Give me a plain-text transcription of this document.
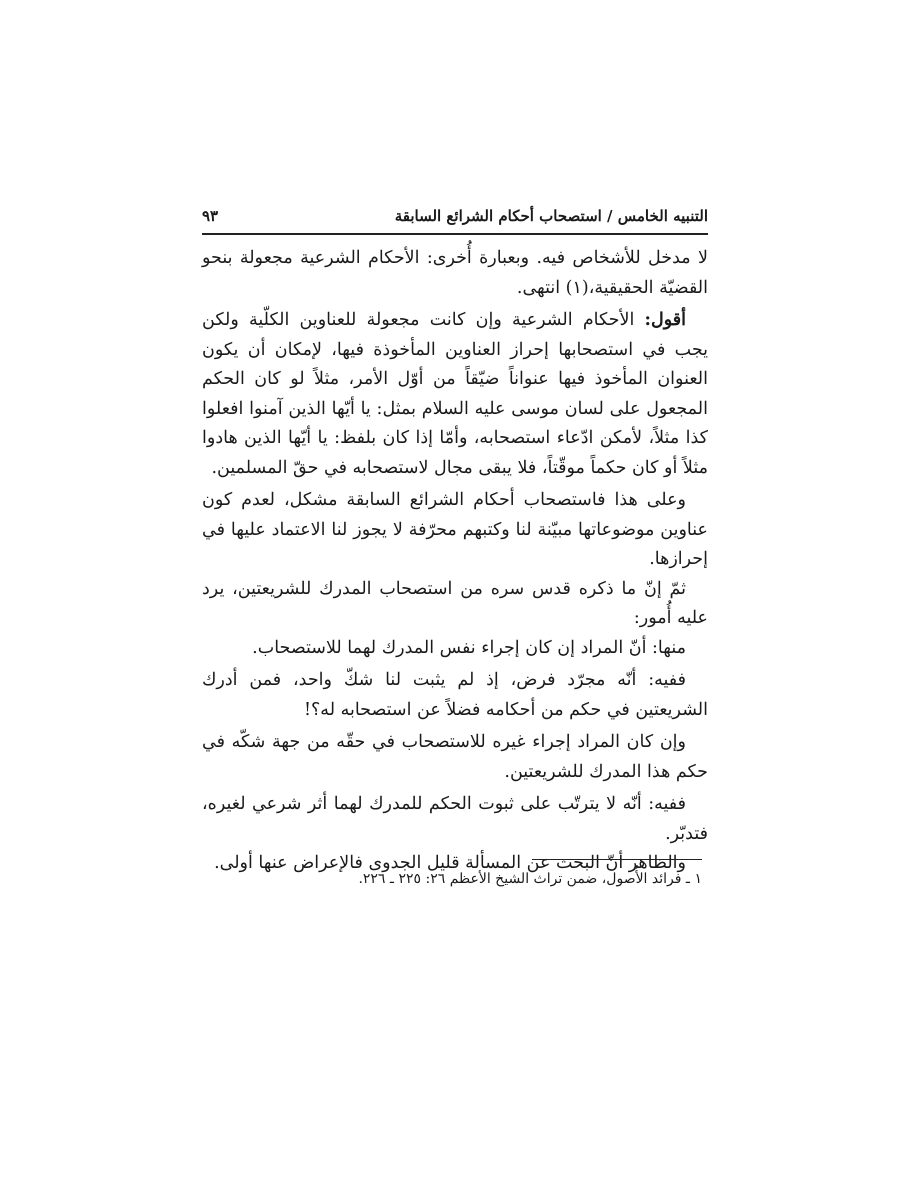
التنبيه الخامس / استصحاب أحكام الشرائع السابقة
٩٣

لا مدخل للأشخاص فيه. وبعبارة أُخرى: الأحكام الشرعية مجعولة بنحو القضيّة الحقيقية،(١) انتهى.

أقول: الأحكام الشرعية وإن كانت مجعولة للعناوين الكلّية ولكن يجب في استصحابها إحراز العناوين المأخوذة فيها، لإمكان أن يكون العنوان المأخوذ فيها عنواناً ضيّقاً من أوّل الأمر، مثلاً لو كان الحكم المجعول على لسان موسى عليه السلام بمثل: يا أيّها الذين آمنوا افعلوا كذا مثلاً، لأمكن ادّعاء استصحابه، وأمّا إذا كان بلفظ: يا أيّها الذين هادوا مثلاً أو كان حكماً موقّتاً، فلا يبقى مجال لاستصحابه في حقّ المسلمين.

وعلى هذا فاستصحاب أحكام الشرائع السابقة مشكل، لعدم كون عناوين موضوعاتها مبيّنة لنا وكتبهم محرّفة لا يجوز لنا الاعتماد عليها في إحرازها.

ثمّ إنّ ما ذكره قدس سره من استصحاب المدرك للشريعتين، يرد عليه أُمور:

منها: أنّ المراد إن كان إجراء نفس المدرك لهما للاستصحاب.

ففيه: أنّه مجرّد فرض، إذ لم يثبت لنا شكّ واحد، فمن أدرك الشريعتين في حكم من أحكامه فضلاً عن استصحابه له؟!

وإن كان المراد إجراء غيره للاستصحاب في حقّه من جهة شكّه في حكم هذا المدرك للشريعتين.

ففيه: أنّه لا يترتّب على ثبوت الحكم للمدرك لهما أثر شرعي لغيره، فتدبّر.

والظاهر أنّ البحث عن المسألة قليل الجدوى فالإعراض عنها أولى.

١ ـ فرائد الأُصول، ضمن تراث الشيخ الأعظم ٢٦: ٢٢٥ ـ ٢٢٦.
